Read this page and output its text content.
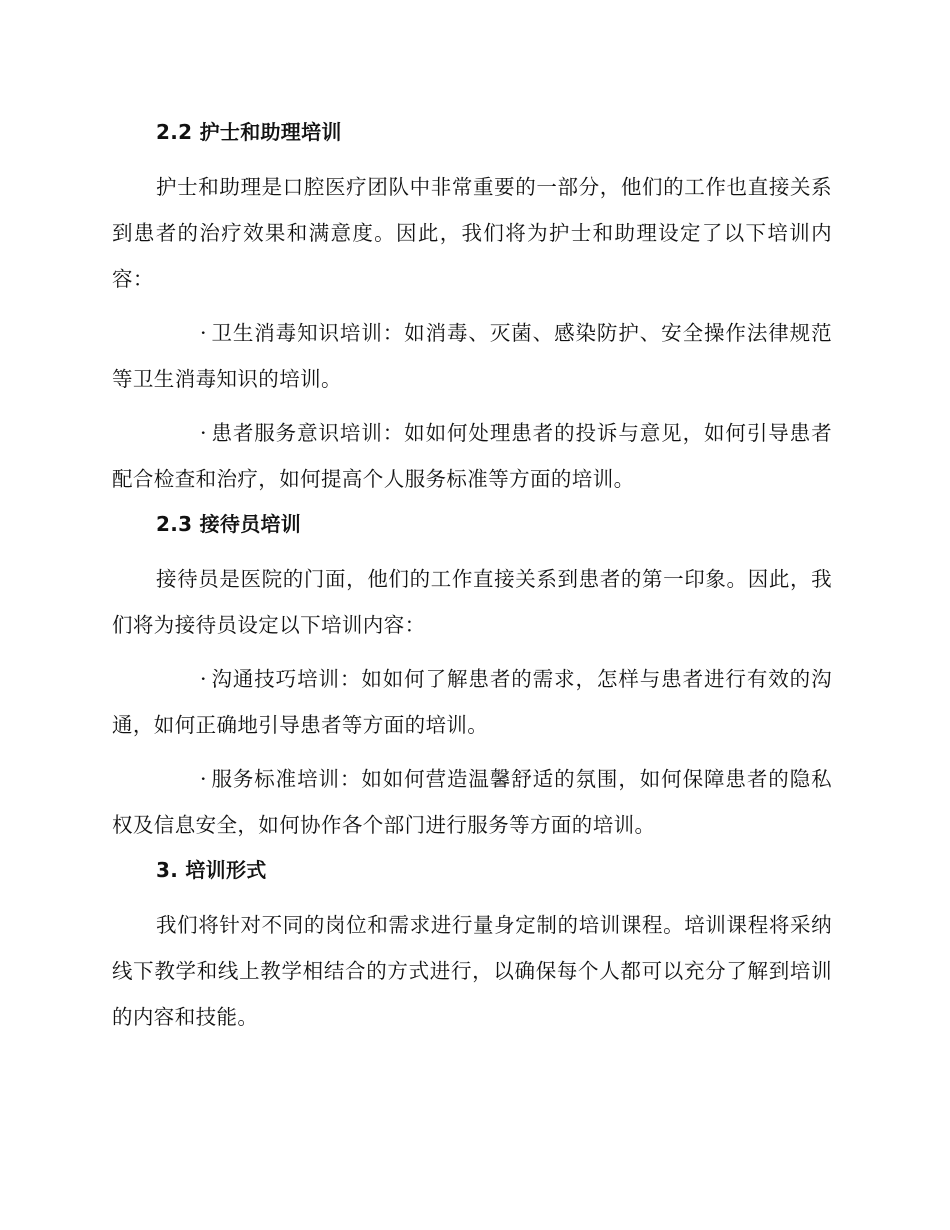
2.2 护士和助理培训

护士和助理是口腔医疗团队中非常重要的一部分，他们的工作也直接关系到患者的治疗效果和满意度。因此，我们将为护士和助理设定了以下培训内容：

· 卫生消毒知识培训：如消毒、灭菌、感染防护、安全操作法律规范等卫生消毒知识的培训。

· 患者服务意识培训：如如何处理患者的投诉与意见，如何引导患者配合检查和治疗，如何提高个人服务标准等方面的培训。

2.3 接待员培训

接待员是医院的门面，他们的工作直接关系到患者的第一印象。因此，我们将为接待员设定以下培训内容：

· 沟通技巧培训：如如何了解患者的需求，怎样与患者进行有效的沟通，如何正确地引导患者等方面的培训。

· 服务标准培训：如如何营造温馨舒适的氛围，如何保障患者的隐私权及信息安全，如何协作各个部门进行服务等方面的培训。

3. 培训形式

我们将针对不同的岗位和需求进行量身定制的培训课程。培训课程将采纳线下教学和线上教学相结合的方式进行，以确保每个人都可以充分了解到培训的内容和技能。
